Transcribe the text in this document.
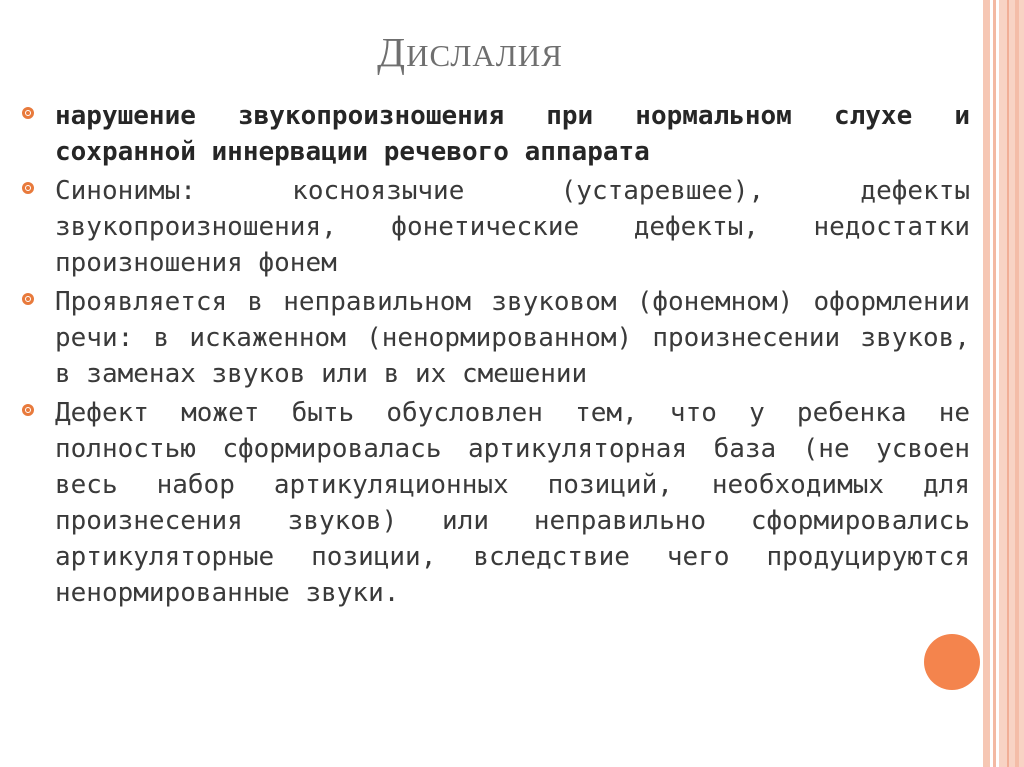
ДИСЛАЛИЯ
нарушение звукопроизношения при нормальном слухе и сохранной иннервации речевого аппарата
Синонимы: косноязычие (устаревшее), дефекты звукопроизношения, фонетические дефекты, недостатки произношения фонем
Проявляется в неправильном звуковом (фонемном) оформлении речи: в искаженном (ненормированном) произнесении звуков, в заменах звуков или в их смешении
Дефект может быть обусловлен тем, что у ребенка не полностью сформировалась артикуляторная база (не усвоен весь набор артикуляционных позиций, необходимых для произнесения звуков) или неправильно сформировались артикуляторные позиции, вследствие чего продуцируются ненормированные звуки.
